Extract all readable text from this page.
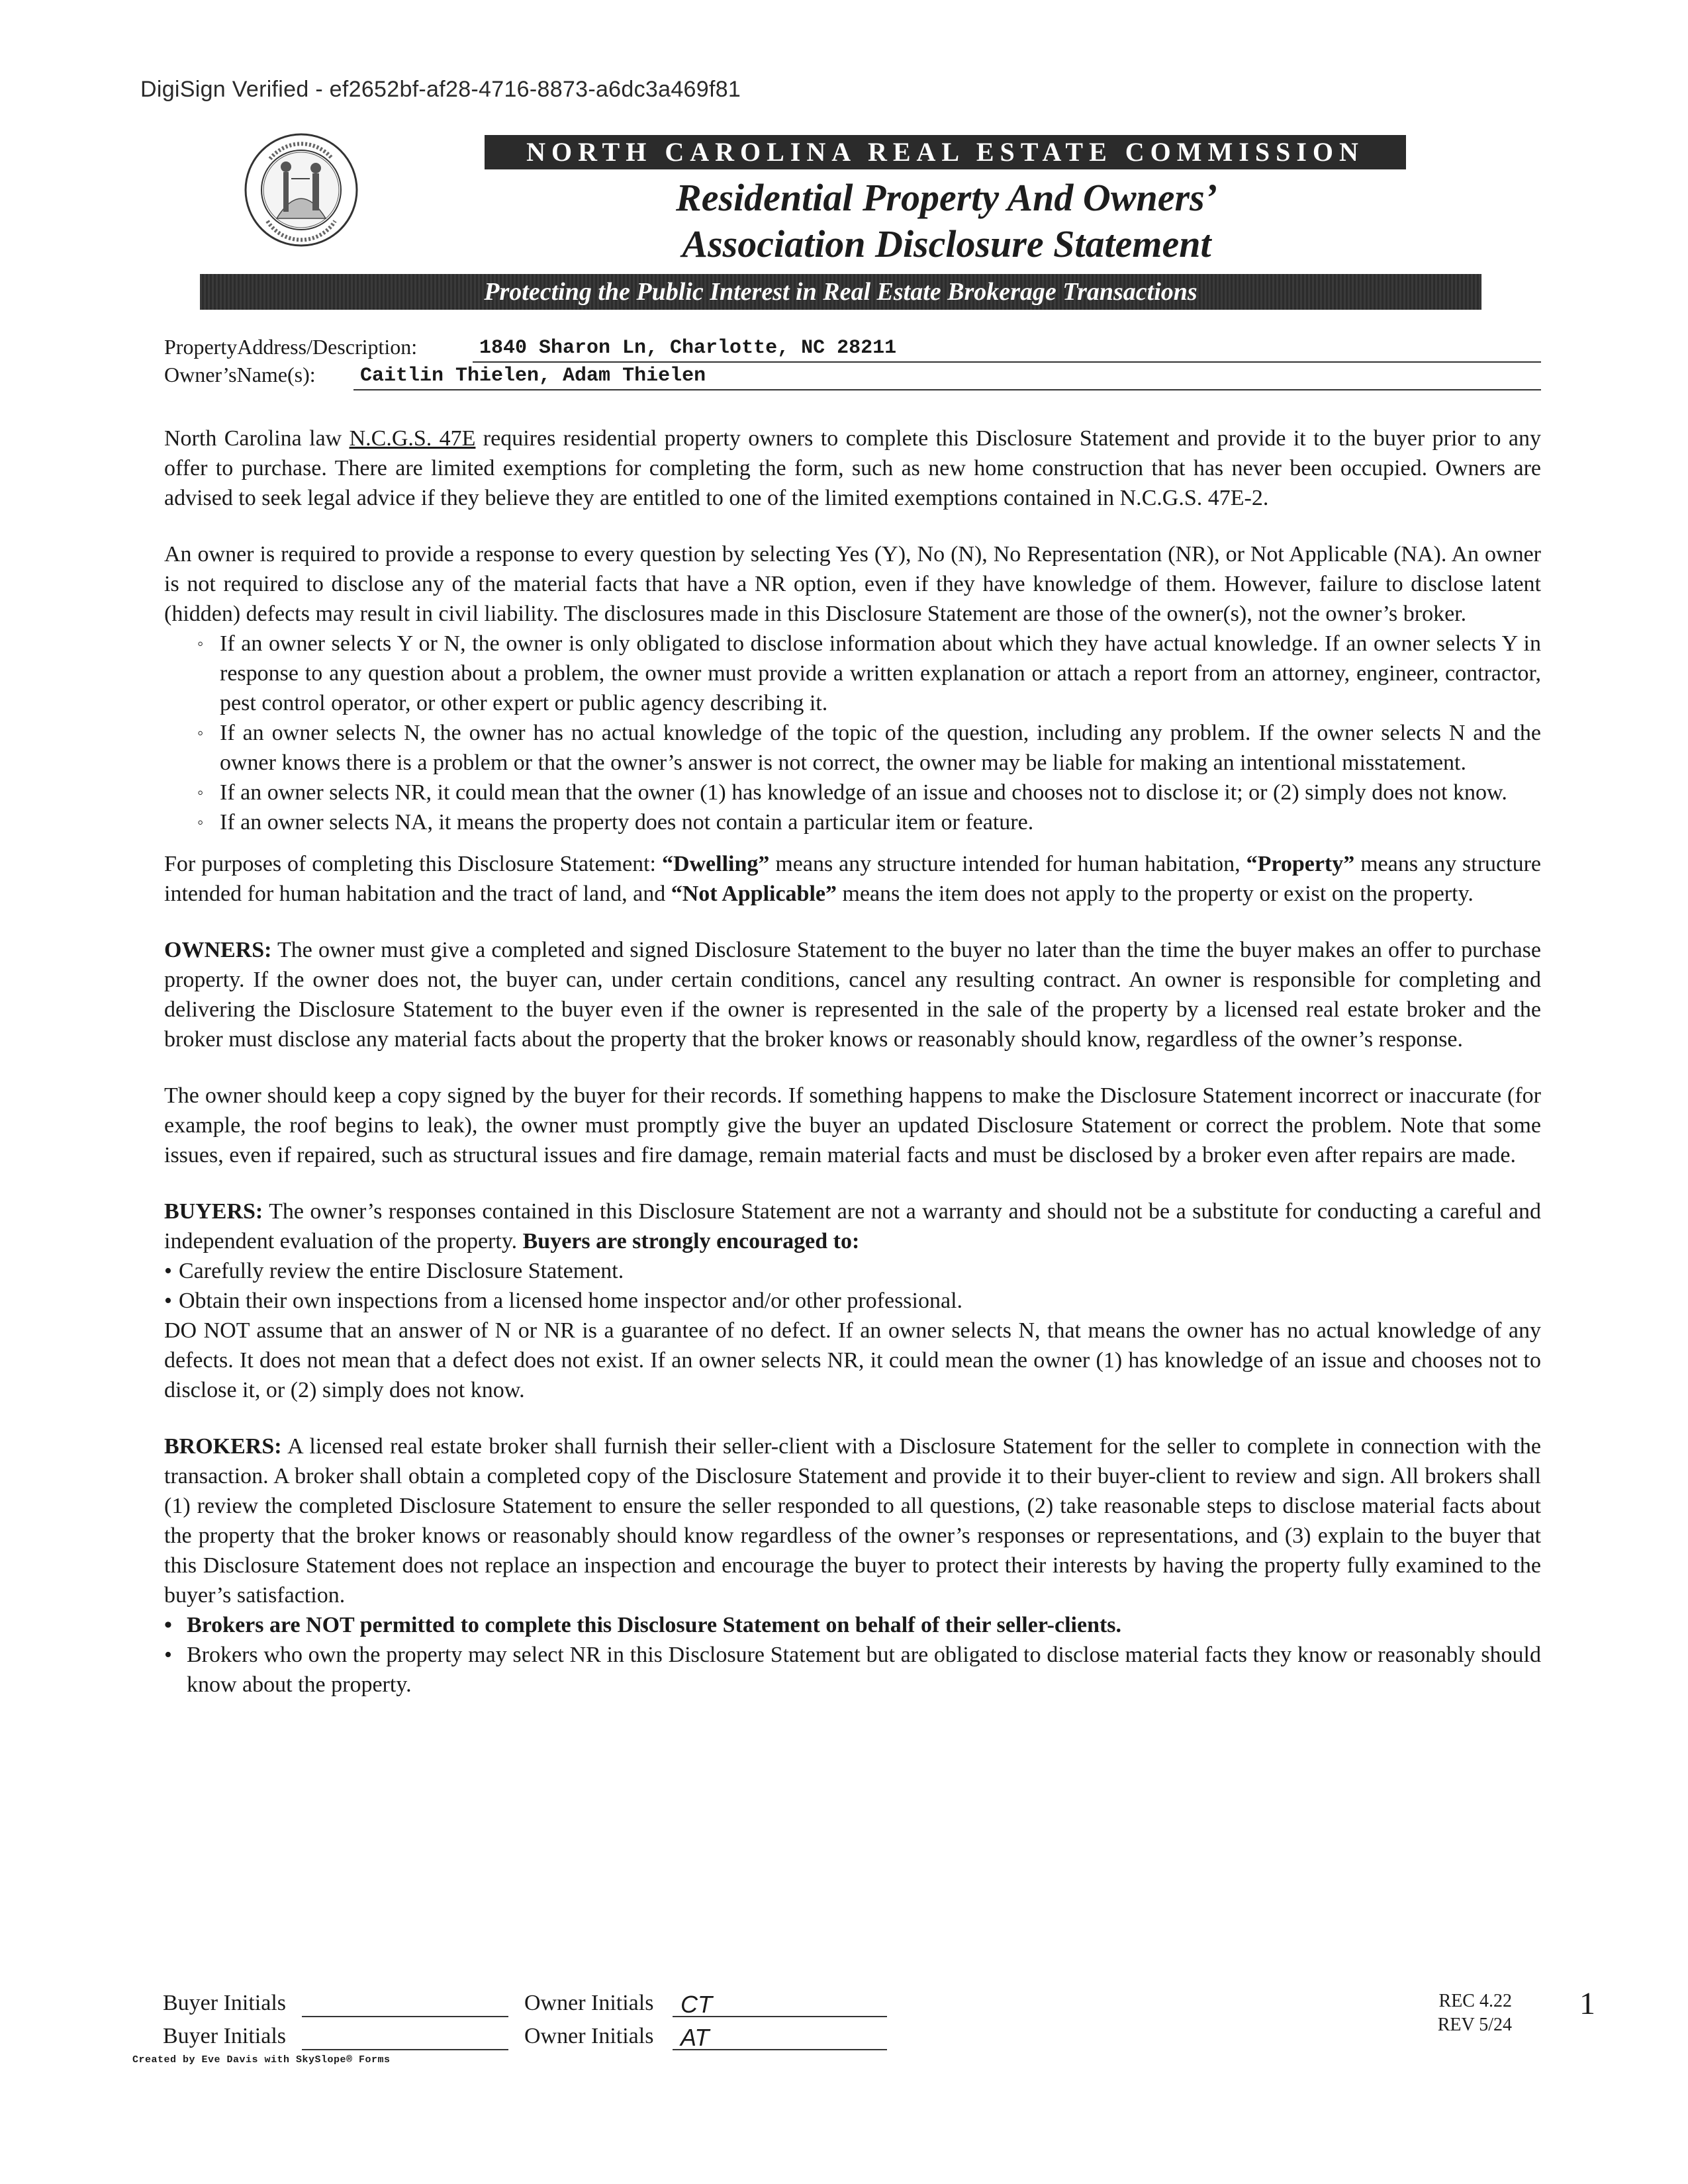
DigiSign Verified - ef2652bf-af28-4716-8873-a6dc3a469f81
NORTH CAROLINA REAL ESTATE COMMISSION
Residential Property And Owners’
Association Disclosure Statement
Protecting the Public Interest in Real Estate Brokerage Transactions
PropertyAddress/Description:	1840 Sharon Ln, Charlotte, NC 28211
Owner’sName(s):	Caitlin Thielen, Adam Thielen

North Carolina law N.C.G.S. 47E requires residential property owners to complete this Disclosure Statement and provide it to the buyer prior to any offer to purchase. There are limited exemptions for completing the form, such as new home construction that has never been occupied. Owners are advised to seek legal advice if they believe they are entitled to one of the limited exemptions contained in N.C.G.S. 47E-2.

An owner is required to provide a response to every question by selecting Yes (Y), No (N), No Representation (NR), or Not Applicable (NA). An owner is not required to disclose any of the material facts that have a NR option, even if they have knowledge of them. However, failure to disclose latent (hidden) defects may result in civil liability. The disclosures made in this Disclosure Statement are those of the owner(s), not the owner’s broker.

◦ If an owner selects Y or N, the owner is only obligated to disclose information about which they have actual knowledge. If an owner selects Y in response to any question about a problem, the owner must provide a written explanation or attach a report from an attorney, engineer, contractor, pest control operator, or other expert or public agency describing it.
◦ If an owner selects N, the owner has no actual knowledge of the topic of the question, including any problem. If the owner selects N and the owner knows there is a problem or that the owner’s answer is not correct, the owner may be liable for making an intentional misstatement.
◦ If an owner selects NR, it could mean that the owner (1) has knowledge of an issue and chooses not to disclose it; or (2) simply does not know.
◦ If an owner selects NA, it means the property does not contain a particular item or feature.

For purposes of completing this Disclosure Statement: “Dwelling” means any structure intended for human habitation, “Property” means any structure intended for human habitation and the tract of land, and “Not Applicable” means the item does not apply to the property or exist on the property.

OWNERS: The owner must give a completed and signed Disclosure Statement to the buyer no later than the time the buyer makes an offer to purchase property. If the owner does not, the buyer can, under certain conditions, cancel any resulting contract. An owner is responsible for completing and delivering the Disclosure Statement to the buyer even if the owner is represented in the sale of the property by a licensed real estate broker and the broker must disclose any material facts about the property that the broker knows or reasonably should know, regardless of the owner’s response.

The owner should keep a copy signed by the buyer for their records. If something happens to make the Disclosure Statement incorrect or inaccurate (for example, the roof begins to leak), the owner must promptly give the buyer an updated Disclosure Statement or correct the problem. Note that some issues, even if repaired, such as structural issues and fire damage, remain material facts and must be disclosed by a broker even after repairs are made.

BUYERS: The owner’s responses contained in this Disclosure Statement are not a warranty and should not be a substitute for conducting a careful and independent evaluation of the property. Buyers are strongly encouraged to:

• Carefully review the entire Disclosure Statement.
• Obtain their own inspections from a licensed home inspector and/or other professional.

DO NOT assume that an answer of N or NR is a guarantee of no defect. If an owner selects N, that means the owner has no actual knowledge of any defects. It does not mean that a defect does not exist. If an owner selects NR, it could mean the owner (1) has knowledge of an issue and chooses not to disclose it, or (2) simply does not know.

BROKERS: A licensed real estate broker shall furnish their seller-client with a Disclosure Statement for the seller to complete in connection with the transaction. A broker shall obtain a completed copy of the Disclosure Statement and provide it to their buyer-client to review and sign. All brokers shall (1) review the completed Disclosure Statement to ensure the seller responded to all questions, (2) take reasonable steps to disclose material facts about the property that the broker knows or reasonably should know regardless of the owner’s responses or representations, and (3) explain to the buyer that this Disclosure Statement does not replace an inspection and encourage the buyer to protect their interests by having the property fully examined to the buyer’s satisfaction.

• Brokers are NOT permitted to complete this Disclosure Statement on behalf of their seller-clients.
• Brokers who own the property may select NR in this Disclosure Statement but are obligated to disclose material facts they know or reasonably should know about the property.
Buyer Initials	Owner Initials	CT
Buyer Initials	Owner Initials	AT
Created by Eve Davis with SkySlope® Forms
REC 4.22
REV 5/24
1
